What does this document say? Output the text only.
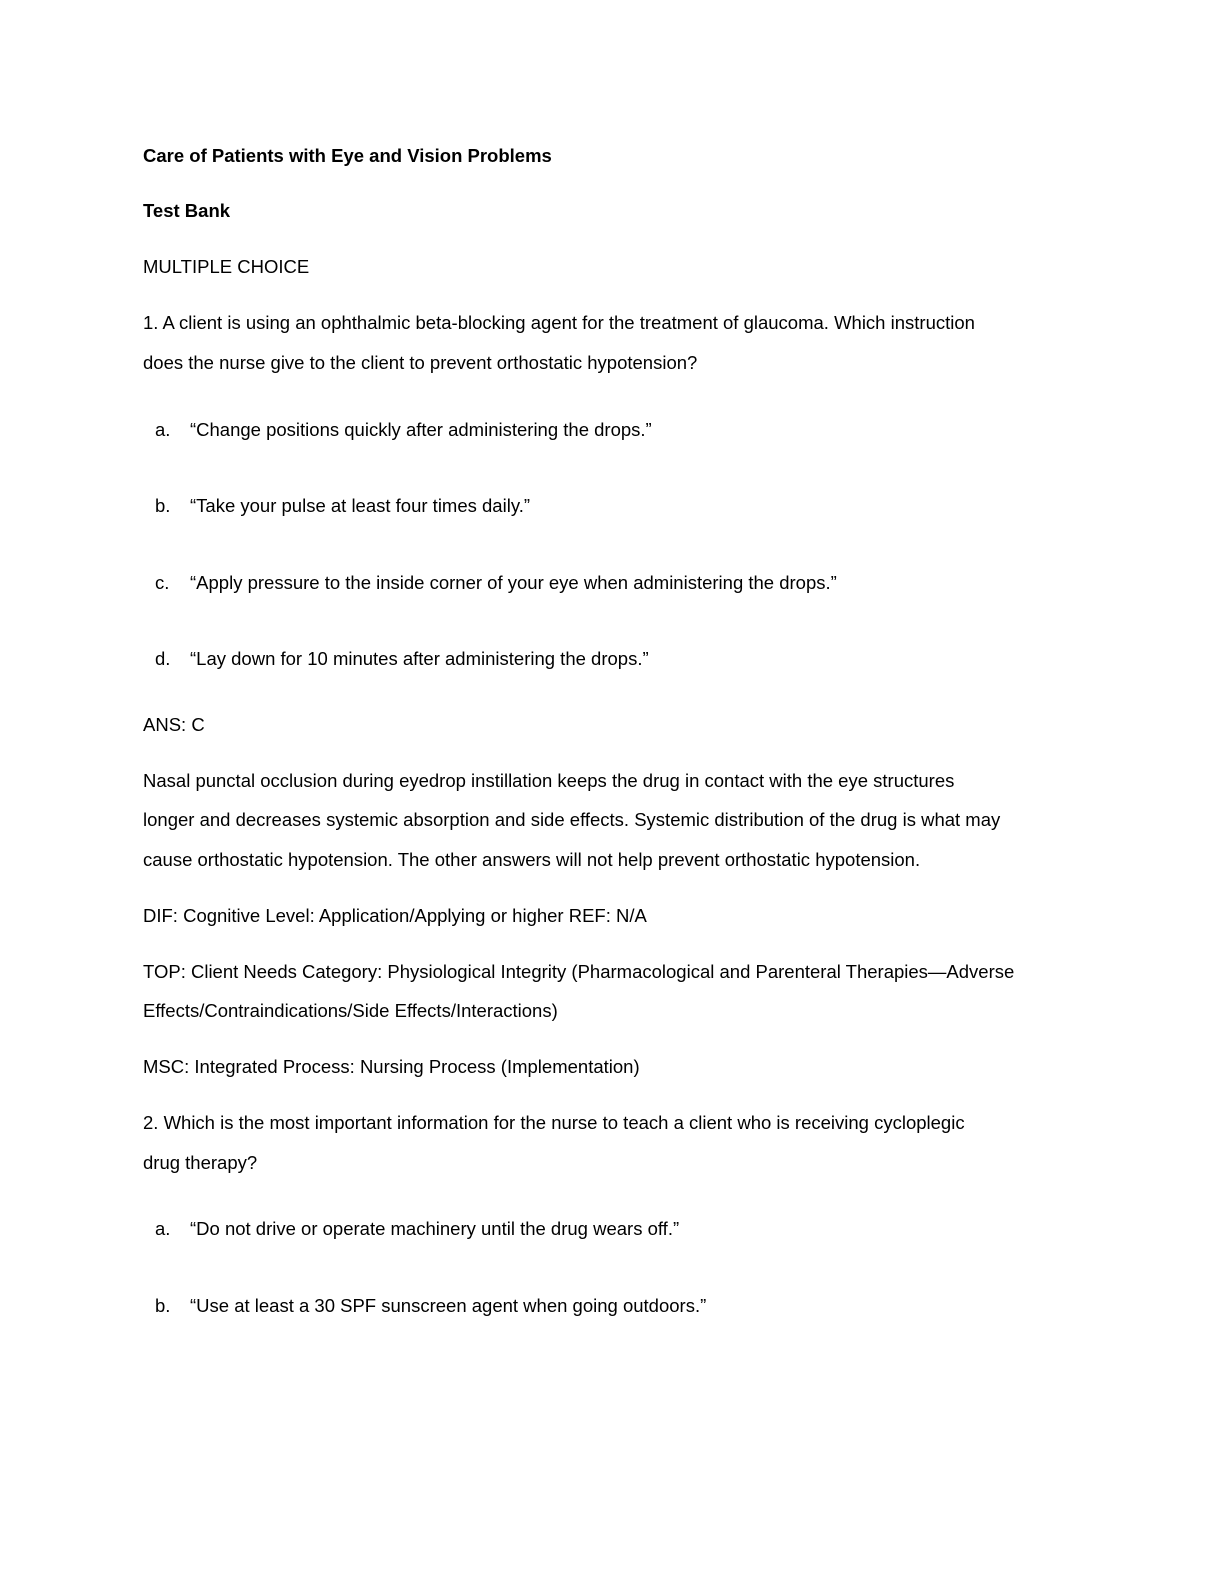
Care of Patients with Eye and Vision Problems
Test Bank
MULTIPLE CHOICE
1. A client is using an ophthalmic beta-blocking agent for the treatment of glaucoma. Which instruction
does the nurse give to the client to prevent orthostatic hypotension?
a. “Change positions quickly after administering the drops.”
b. “Take your pulse at least four times daily.”
c. “Apply pressure to the inside corner of your eye when administering the drops.”
d. “Lay down for 10 minutes after administering the drops.”
ANS: C
Nasal punctal occlusion during eyedrop instillation keeps the drug in contact with the eye structures
longer and decreases systemic absorption and side effects. Systemic distribution of the drug is what may
cause orthostatic hypotension. The other answers will not help prevent orthostatic hypotension.
DIF: Cognitive Level: Application/Applying or higher REF: N/A
TOP: Client Needs Category: Physiological Integrity (Pharmacological and Parenteral Therapies—Adverse
Effects/Contraindications/Side Effects/Interactions)
MSC: Integrated Process: Nursing Process (Implementation)
2. Which is the most important information for the nurse to teach a client who is receiving cycloplegic
drug therapy?
a. “Do not drive or operate machinery until the drug wears off.”
b. “Use at least a 30 SPF sunscreen agent when going outdoors.”
